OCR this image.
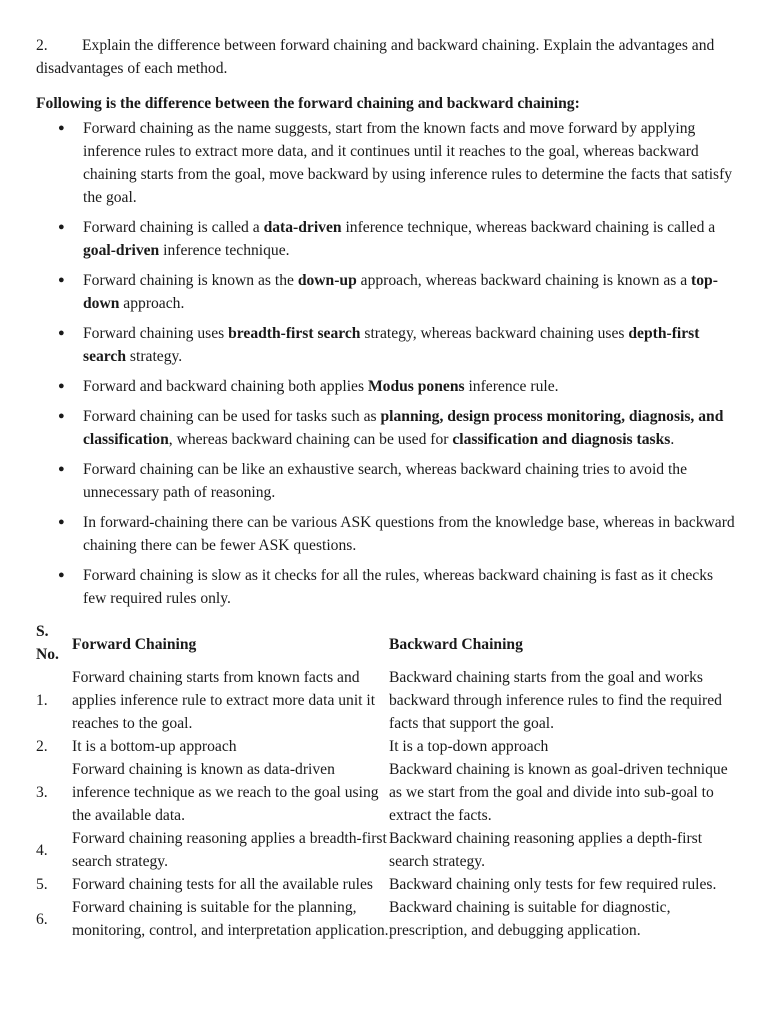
2. Explain the difference between forward chaining and backward chaining. Explain the advantages and disadvantages of each method.

Following is the difference between the forward chaining and backward chaining:

● Forward chaining as the name suggests, start from the known facts and move forward by applying inference rules to extract more data, and it continues until it reaches to the goal, whereas backward chaining starts from the goal, move backward by using inference rules to determine the facts that satisfy the goal.
● Forward chaining is called a data-driven inference technique, whereas backward chaining is called a goal-driven inference technique.
● Forward chaining is known as the down-up approach, whereas backward chaining is known as a top-down approach.
● Forward chaining uses breadth-first search strategy, whereas backward chaining uses depth-first search strategy.
● Forward and backward chaining both applies Modus ponens inference rule.
● Forward chaining can be used for tasks such as planning, design process monitoring, diagnosis, and classification, whereas backward chaining can be used for classification and diagnosis tasks.
● Forward chaining can be like an exhaustive search, whereas backward chaining tries to avoid the unnecessary path of reasoning.
● In forward-chaining there can be various ASK questions from the knowledge base, whereas in backward chaining there can be fewer ASK questions.
● Forward chaining is slow as it checks for all the rules, whereas backward chaining is fast as it checks few required rules only.
S. No.	Forward Chaining	Backward Chaining
1.	Forward chaining starts from known facts and applies inference rule to extract more data unit it reaches to the goal.	Backward chaining starts from the goal and works backward through inference rules to find the required facts that support the goal.
2.	It is a bottom-up approach	It is a top-down approach
3.	Forward chaining is known as data-driven inference technique as we reach to the goal using the available data.	Backward chaining is known as goal-driven technique as we start from the goal and divide into sub-goal to extract the facts.
4.	Forward chaining reasoning applies a breadth-first search strategy.	Backward chaining reasoning applies a depth-first search strategy.
5.	Forward chaining tests for all the available rules	Backward chaining only tests for few required rules.
6.	Forward chaining is suitable for the planning, monitoring, control, and interpretation application.	Backward chaining is suitable for diagnostic, prescription, and debugging application.
